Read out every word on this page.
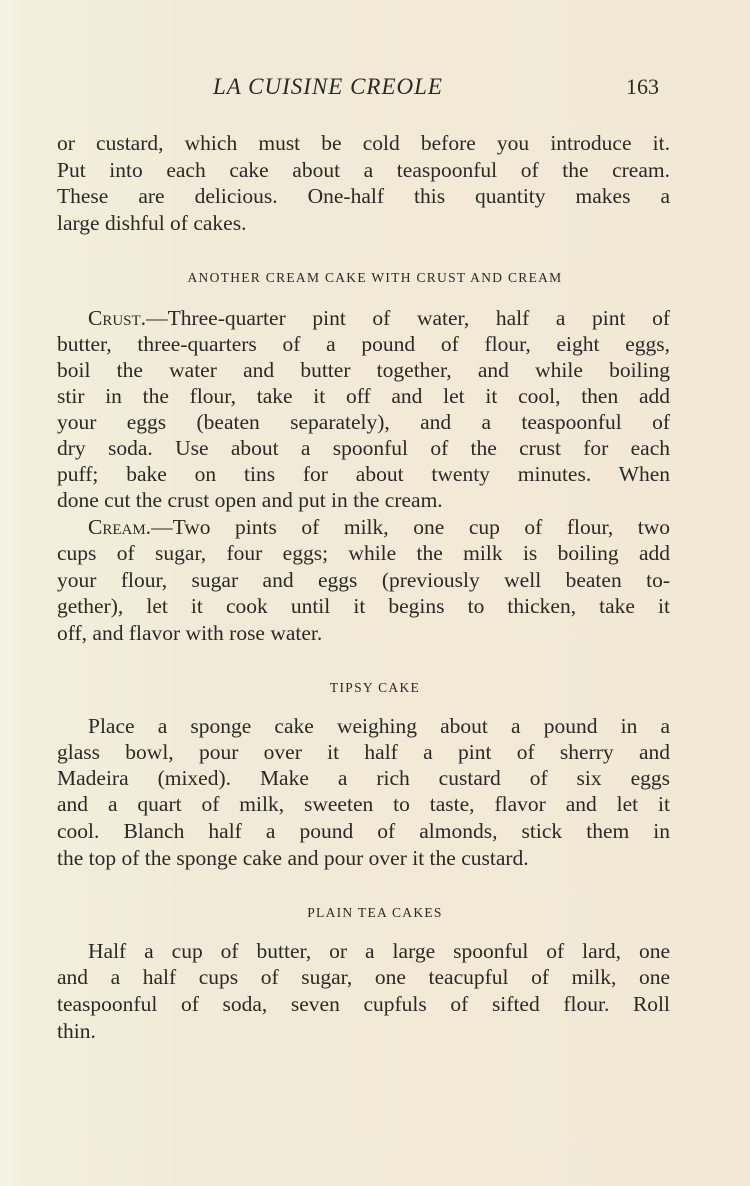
LA CUISINE CREOLE	163
or custard, which must be cold before you introduce it.
Put into each cake about a teaspoonful of the cream.
These are delicious. One-half this quantity makes a
large dishful of cakes.
ANOTHER CREAM CAKE WITH CRUST AND CREAM
Crust.—Three-quarter pint of water, half a pint of
butter, three-quarters of a pound of flour, eight eggs,
boil the water and butter together, and while boiling
stir in the flour, take it off and let it cool, then add
your eggs (beaten separately), and a teaspoonful of
dry soda. Use about a spoonful of the crust for each
puff; bake on tins for about twenty minutes. When
done cut the crust open and put in the cream.
Cream.—Two pints of milk, one cup of flour, two
cups of sugar, four eggs; while the milk is boiling add
your flour, sugar and eggs (previously well beaten to-
gether), let it cook until it begins to thicken, take it
off, and flavor with rose water.
TIPSY CAKE
Place a sponge cake weighing about a pound in a
glass bowl, pour over it half a pint of sherry and
Madeira (mixed). Make a rich custard of six eggs
and a quart of milk, sweeten to taste, flavor and let it
cool. Blanch half a pound of almonds, stick them in
the top of the sponge cake and pour over it the custard.
PLAIN TEA CAKES
Half a cup of butter, or a large spoonful of lard, one
and a half cups of sugar, one teacupful of milk, one
teaspoonful of soda, seven cupfuls of sifted flour. Roll
thin.
